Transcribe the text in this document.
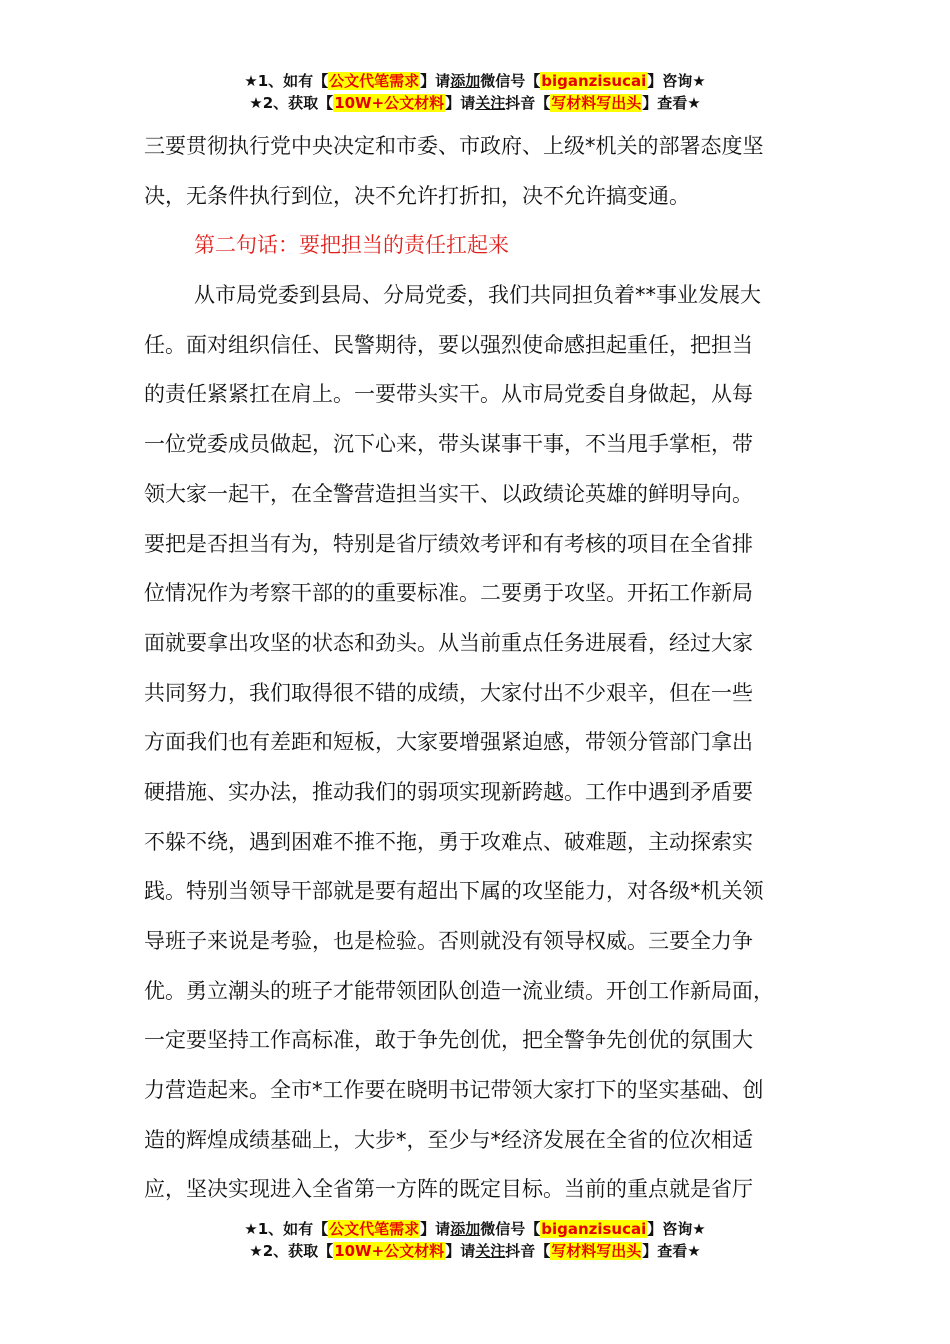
★1、如有【公文代笔需求】请添加微信号【biganzisucai】咨询★
★2、获取【10W+公文材料】请关注抖音【写材料写出头】查看★
三要贯彻执行党中央决定和市委、市政府、上级*机关的部署态度坚
决，无条件执行到位，决不允许打折扣，决不允许搞变通。
第二句话：要把担当的责任扛起来
从市局党委到县局、分局党委，我们共同担负着**事业发展大
任。面对组织信任、民警期待，要以强烈使命感担起重任，把担当
的责任紧紧扛在肩上。一要带头实干。从市局党委自身做起，从每
一位党委成员做起，沉下心来，带头谋事干事，不当甩手掌柜，带
领大家一起干，在全警营造担当实干、以政绩论英雄的鲜明导向。
要把是否担当有为，特别是省厅绩效考评和有考核的项目在全省排
位情况作为考察干部的的重要标准。二要勇于攻坚。开拓工作新局
面就要拿出攻坚的状态和劲头。从当前重点任务进展看，经过大家
共同努力，我们取得很不错的成绩，大家付出不少艰辛，但在一些
方面我们也有差距和短板，大家要增强紧迫感，带领分管部门拿出
硬措施、实办法，推动我们的弱项实现新跨越。工作中遇到矛盾要
不躲不绕，遇到困难不推不拖，勇于攻难点、破难题，主动探索实
践。特别当领导干部就是要有超出下属的攻坚能力，对各级*机关领
导班子来说是考验，也是检验。否则就没有领导权威。三要全力争
优。勇立潮头的班子才能带领团队创造一流业绩。开创工作新局面，
一定要坚持工作高标准，敢于争先创优，把全警争先创优的氛围大
力营造起来。全市*工作要在晓明书记带领大家打下的坚实基础、创
造的辉煌成绩基础上，大步*，至少与*经济发展在全省的位次相适
应，坚决实现进入全省第一方阵的既定目标。当前的重点就是省厅
★1、如有【公文代笔需求】请添加微信号【biganzisucai】咨询★
★2、获取【10W+公文材料】请关注抖音【写材料写出头】查看★
